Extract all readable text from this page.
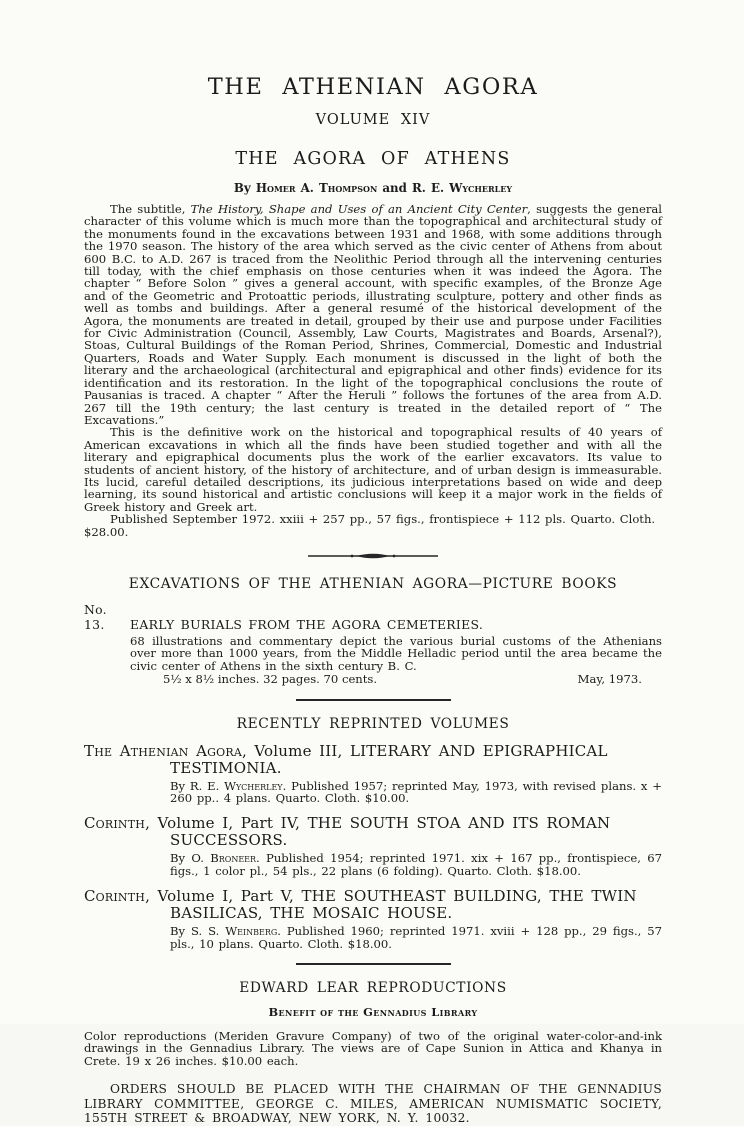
THE ATHENIAN AGORA
VOLUME XIV
THE AGORA OF ATHENS
By Homer A. Thompson and R. E. Wycherley

The subtitle, The History, Shape and Uses of an Ancient City Center, suggests the general character of this volume which is much more than the topographical and architectural study of the monuments found in the excavations between 1931 and 1968, with some additions through the 1970 season. The history of the area which served as the civic center of Athens from about 600 B.C. to A.D. 267 is traced from the Neolithic Period through all the intervening centuries till today, with the chief emphasis on those centuries when it was indeed the Agora. The chapter “ Before Solon ” gives a general account, with specific examples, of the Bronze Age and of the Geometric and Protoattic periods, illustrating sculpture, pottery and other finds as well as tombs and buildings. After a general resumé of the historical development of the Agora, the monuments are treated in detail, grouped by their use and purpose under Facilities for Civic Administration (Council, Assembly, Law Courts, Magistrates and Boards, Arsenal?), Stoas, Cultural Buildings of the Roman Period, Shrines, Commercial, Domestic and Industrial Quarters, Roads and Water Supply. Each monument is discussed in the light of both the literary and the archaeological (architectural and epigraphical and other finds) evidence for its identification and its restoration. In the light of the topographical conclusions the route of Pausanias is traced. A chapter “ After the Heruli ” follows the fortunes of the area from A.D. 267 till the 19th century; the last century is treated in the detailed report of “ The Excavations.”

This is the definitive work on the historical and topographical results of 40 years of American excavations in which all the finds have been studied together and with all the literary and epigraphical documents plus the work of the earlier excavators. Its value to students of ancient history, of the history of architecture, and of urban design is immeasurable. Its lucid, careful detailed descriptions, its judicious interpretations based on wide and deep learning, its sound historical and artistic conclusions will keep it a major work in the fields of Greek history and Greek art.

Published September 1972. xxiii + 257 pp., 57 figs., frontispiece + 112 pls. Quarto. Cloth. $28.00.

EXCAVATIONS OF THE ATHENIAN AGORA—PICTURE BOOKS
No. 13. EARLY BURIALS FROM THE AGORA CEMETERIES.

68 illustrations and commentary depict the various burial customs of the Athenians over more than 1000 years, from the Middle Helladic period until the area became the civic center of Athens in the sixth century B. C.

5½ x 8½ inches. 32 pages. 70 cents.	May, 1973.
RECENTLY REPRINTED VOLUMES

The Athenian Agora, Volume III, LITERARY AND EPIGRAPHICAL TESTIMONIA.

By R. E. Wycherley. Published 1957; reprinted May, 1973, with revised plans. x + 260 pp.. 4 plans. Quarto. Cloth. $10.00.

Corinth, Volume I, Part IV, THE SOUTH STOA AND ITS ROMAN SUCCESSORS.

By O. Broneer. Published 1954; reprinted 1971. xix + 167 pp., frontispiece, 67 figs., 1 color pl., 54 pls., 22 plans (6 folding). Quarto. Cloth. $18.00.

Corinth, Volume I, Part V, THE SOUTHEAST BUILDING, THE TWIN BASILICAS, THE MOSAIC HOUSE.

By S. S. Weinberg. Published 1960; reprinted 1971. xviii + 128 pp., 29 figs., 57 pls., 10 plans. Quarto. Cloth. $18.00.

EDWARD LEAR REPRODUCTIONS
Benefit of the Gennadius Library

Color reproductions (Meriden Gravure Company) of two of the original water-color-and-ink drawings in the Gennadius Library. The views are of Cape Sunion in Attica and Khanya in Crete. 19 x 26 inches. $10.00 each.

ORDERS SHOULD BE PLACED WITH THE CHAIRMAN OF THE GENNADIUS LIBRARY COMMITTEE, GEORGE C. MILES, AMERICAN NUMISMATIC SOCIETY, 155TH STREET & BROADWAY, NEW YORK, N. Y. 10032.
